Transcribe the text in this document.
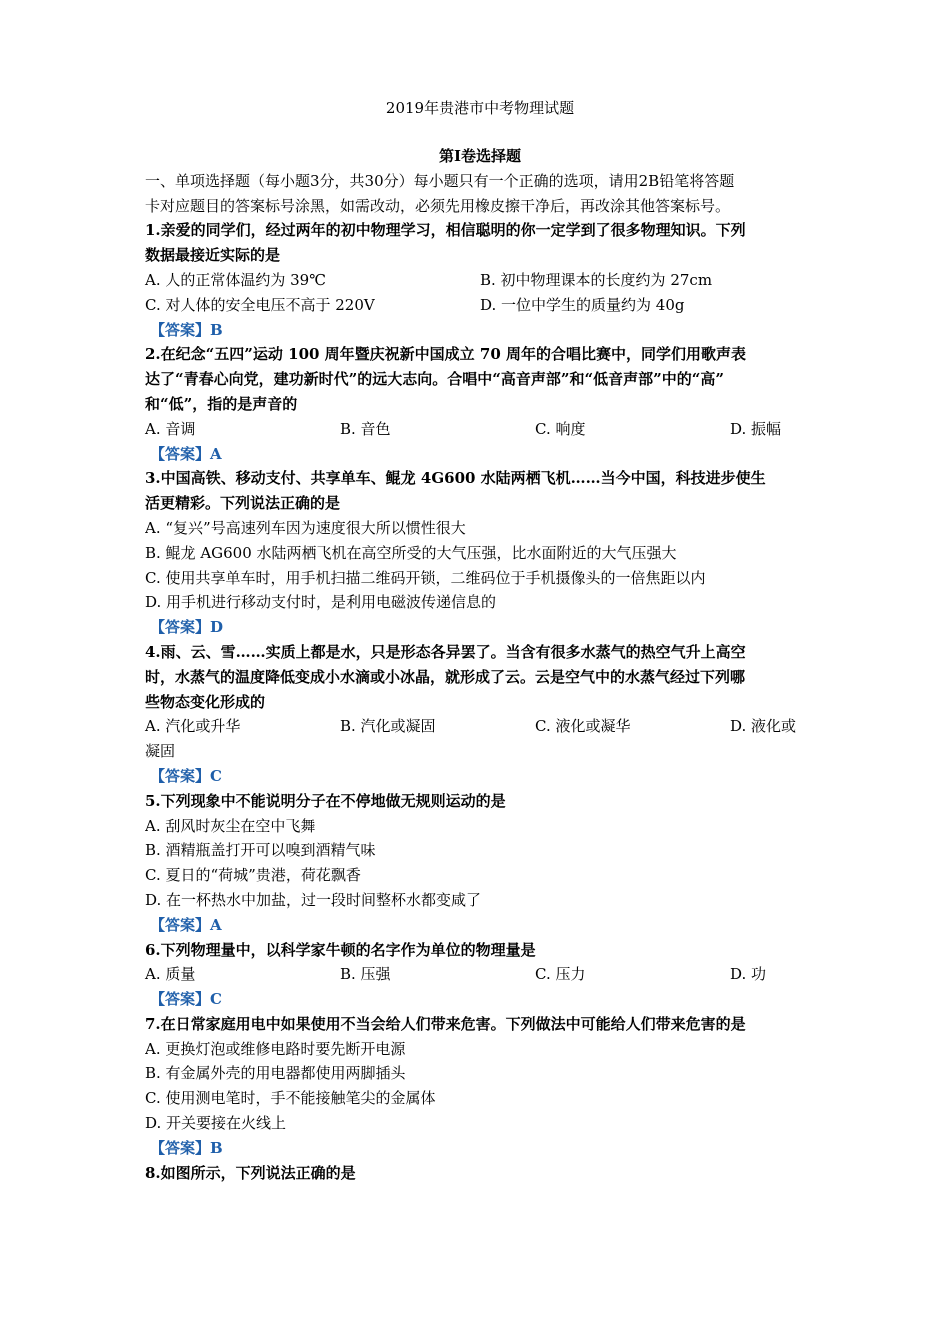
2019年贵港市中考物理试题
第I卷选择题
一、单项选择题（每小题3分，共30分）每小题只有一个正确的选项，请用2B铅笔将答题
卡对应题目的答案标号涂黑，如需改动，必须先用橡皮擦干净后，再改涂其他答案标号。
1.亲爱的同学们，经过两年的初中物理学习，相信聪明的你一定学到了很多物理知识。下列
数据最接近实际的是
A. 人的正常体温约为 39℃	B. 初中物理课本的长度约为 27cm
C. 对人体的安全电压不高于 220V	D. 一位中学生的质量约为 40g
【答案】B
2.在纪念“五四”运动 100 周年暨庆祝新中国成立 70 周年的合唱比赛中，同学们用歌声表
达了“青春心向党，建功新时代”的远大志向。合唱中“高音声部”和“低音声部”中的“高”
和“低”，指的是声音的
A. 音调	B. 音色	C. 响度	D. 振幅
【答案】A
3.中国高铁、移动支付、共享单车、鲲龙 4G600 水陆两栖飞机……当今中国，科技进步使生
活更精彩。下列说法正确的是
A. “复兴”号高速列车因为速度很大所以惯性很大
B. 鲲龙 AG600 水陆两栖飞机在高空所受的大气压强，比水面附近的大气压强大
C. 使用共享单车时，用手机扫描二维码开锁，二维码位于手机摄像头的一倍焦距以内
D. 用手机进行移动支付时，是利用电磁波传递信息的
【答案】D
4.雨、云、雪……实质上都是水，只是形态各异罢了。当含有很多水蒸气的热空气升上高空
时，水蒸气的温度降低变成小水滴或小冰晶，就形成了云。云是空气中的水蒸气经过下列哪
些物态变化形成的
A. 汽化或升华	B. 汽化或凝固	C. 液化或凝华	D. 液化或
凝固
【答案】C
5.下列现象中不能说明分子在不停地做无规则运动的是
A. 刮风时灰尘在空中飞舞
B. 酒精瓶盖打开可以嗅到酒精气味
C. 夏日的“荷城”贵港，荷花飘香
D. 在一杯热水中加盐，过一段时间整杯水都变咸了
【答案】A
6.下列物理量中，以科学家牛顿的名字作为单位的物理量是
A. 质量	B. 压强	C. 压力	D. 功
【答案】C
7.在日常家庭用电中如果使用不当会给人们带来危害。下列做法中可能给人们带来危害的是
A. 更换灯泡或维修电路时要先断开电源
B. 有金属外壳的用电器都使用两脚插头
C. 使用测电笔时，手不能接触笔尖的金属体
D. 开关要接在火线上
【答案】B
8.如图所示，下列说法正确的是
